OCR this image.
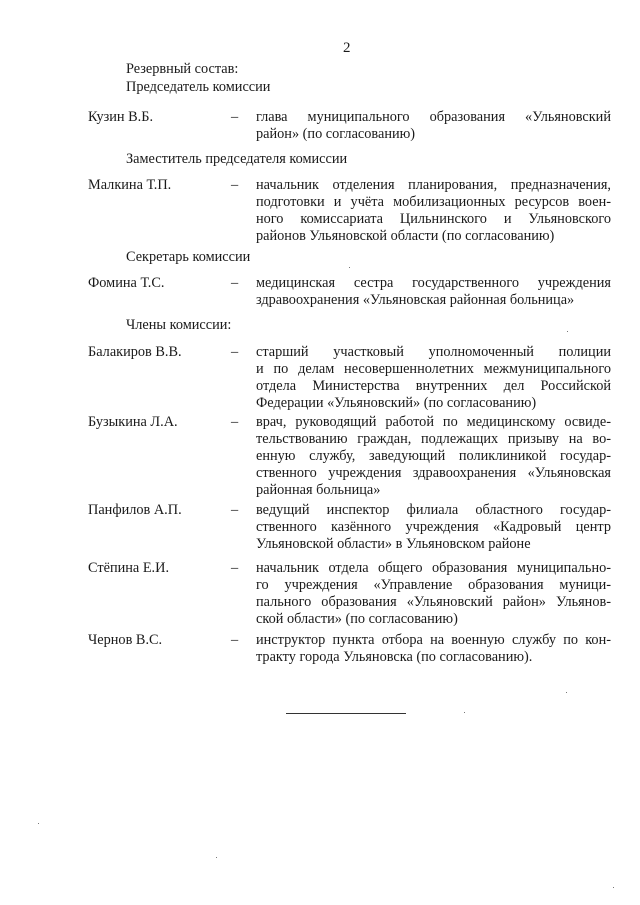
2
Резервный состав:
Председатель комиссии
Кузин В.Б.	– глава муниципального образования «Ульяновский
район» (по согласованию)
Заместитель председателя комиссии
Малкина Т.П.	– начальник отделения планирования, предназначения,
подготовки и учёта мобилизационных ресурсов воен-
ного комиссариата Цильнинского и Ульяновского
районов Ульяновской области (по согласованию)
Секретарь комиссии
Фомина Т.С.	– медицинская сестра государственного учреждения
здравоохранения «Ульяновская районная больница»
Члены комиссии:
Балакиров В.В.	– старший участковый уполномоченный полиции
и по делам несовершеннолетних межмуниципального
отдела Министерства внутренних дел Российской
Федерации «Ульяновский» (по согласованию)
Бузыкина Л.А.	– врач, руководящий работой по медицинскому освиде-
тельствованию граждан, подлежащих призыву на во-
енную службу, заведующий поликлиникой государ-
ственного учреждения здравоохранения «Ульяновская
районная больница»
Панфилов А.П.	– ведущий инспектор филиала областного государ-
ственного казённого учреждения «Кадровый центр
Ульяновской области» в Ульяновском районе
Стёпина Е.И.	– начальник отдела общего образования муниципально-
го учреждения «Управление образования муници-
пального образования «Ульяновский район» Ульянов-
ской области» (по согласованию)
Чернов В.С.	– инструктор пункта отбора на военную службу по кон-
тракту города Ульяновска (по согласованию).
